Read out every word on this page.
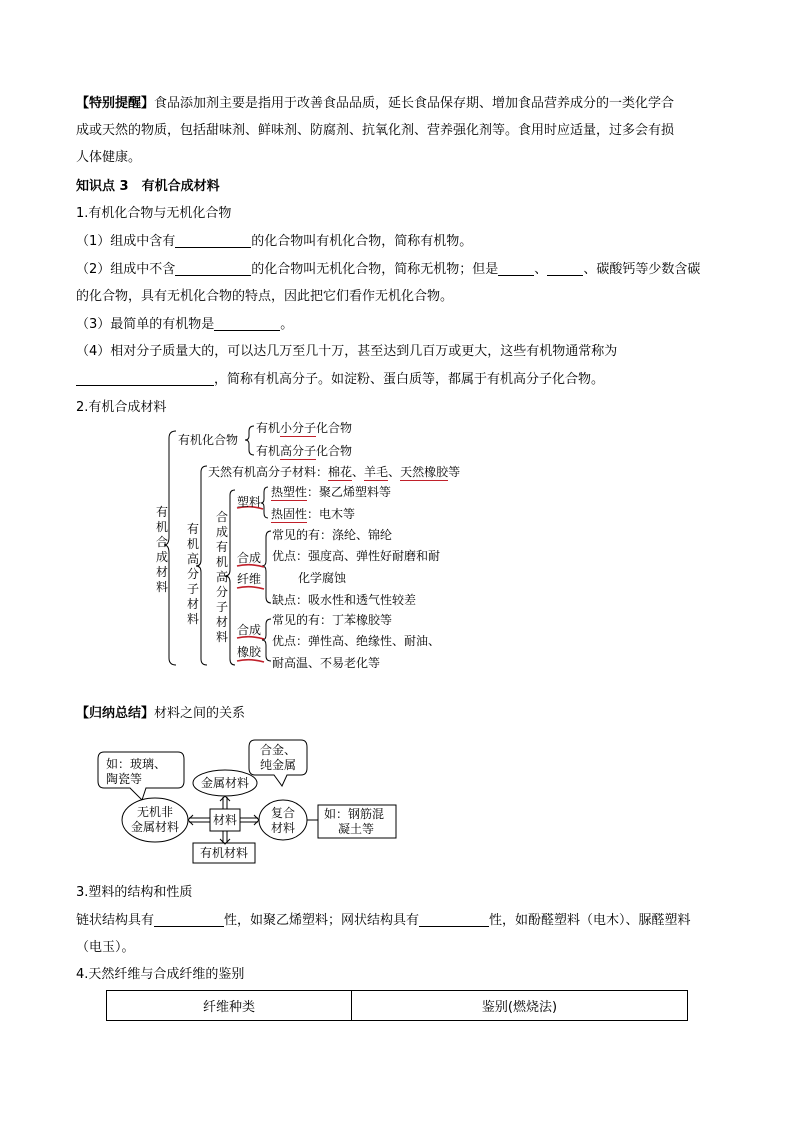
【特别提醒】食品添加剂主要是指用于改善食品品质，延长食品保存期、增加食品营养成分的一类化学合
成或天然的物质，包括甜味剂、鲜味剂、防腐剂、抗氧化剂、营养强化剂等。食用时应适量，过多会有损
人体健康。
知识点 3　有机合成材料
1.有机化合物与无机化合物
（1）组成中含有	的化合物叫有机化合物，简称有机物。
（2）组成中不含	的化合物叫无机化合物，简称无机物；但是	、	、碳酸钙等少数含碳
的化合物，具有无机化合物的特点，因此把它们看作无机化合物。
（3）最简单的有机物是	。
（4）相对分子质量大的，可以达几万至几十万，甚至达到几百万或更大，这些有机物通常称为
，简称有机高分子。如淀粉、蛋白质等，都属于有机高分子化合物。
2.有机合成材料
有机合成材料
有机化合物
有机小分子化合物
有机高分子化合物
有机高分子材料
天然有机高分子材料：棉花、羊毛、天然橡胶等
合成有机高分子材料
塑料
热塑性：聚乙烯塑料等
热固性：电木等
合成
纤维
常见的有：涤纶、锦纶
优点：强度高、弹性好耐磨和耐
化学腐蚀
缺点：吸水性和透气性较差
合成
橡胶
常见的有：丁苯橡胶等
优点：弹性高、绝缘性、耐油、
耐高温、不易老化等
【归纳总结】材料之间的关系
如：玻璃、
陶瓷等
合金、
纯金属
金属材料
无机非
金属材料	材料	复合
材料
如：钢筋混
凝土等
有机材料
3.塑料的结构和性质
链状结构具有	性，如聚乙烯塑料；网状结构具有	性，如酚醛塑料（电木）、脲醛塑料
（电玉）。
4.天然纤维与合成纤维的鉴别
纤维种类	鉴别(燃烧法)
